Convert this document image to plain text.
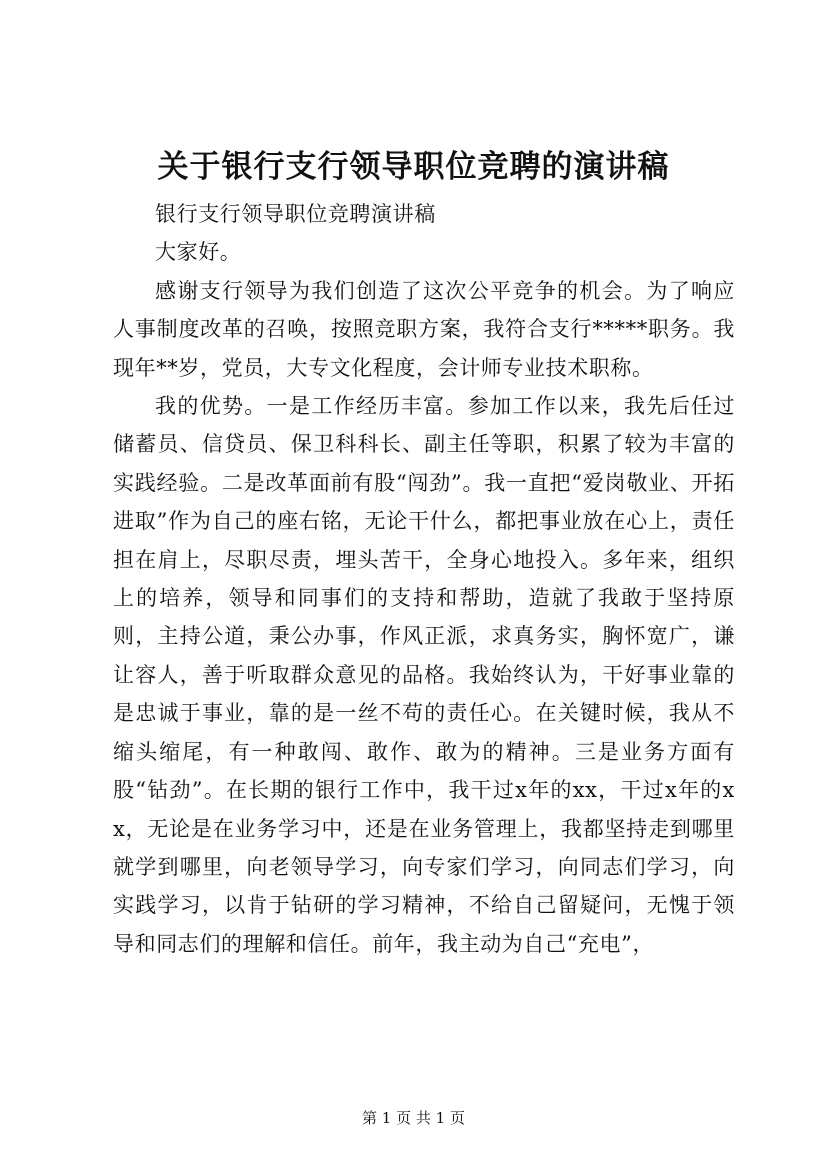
关于银行支行领导职位竞聘的演讲稿

银行支行领导职位竞聘演讲稿

大家好。

感谢支行领导为我们创造了这次公平竞争的机会。为了响应人事制度改革的召唤，按照竞职方案，我符合支行*****职务。我现年**岁，党员，大专文化程度，会计师专业技术职称。

我的优势。一是工作经历丰富。参加工作以来，我先后任过储蓄员、信贷员、保卫科科长、副主任等职，积累了较为丰富的实践经验。二是改革面前有股“闯劲”。我一直把“爱岗敬业、开拓进取”作为自己的座右铭，无论干什么，都把事业放在心上，责任担在肩上，尽职尽责，埋头苦干，全身心地投入。多年来，组织上的培养，领导和同事们的支持和帮助，造就了我敢于坚持原则，主持公道，秉公办事，作风正派，求真务实，胸怀宽广，谦让容人，善于听取群众意见的品格。我始终认为，干好事业靠的是忠诚于事业，靠的是一丝不苟的责任心。在关键时候，我从不缩头缩尾，有一种敢闯、敢作、敢为的精神。三是业务方面有股“钻劲”。在长期的银行工作中，我干过x年的xx，干过x年的xx，无论是在业务学习中，还是在业务管理上，我都坚持走到哪里就学到哪里，向老领导学习，向专家们学习，向同志们学习，向实践学习，以肯于钻研的学习精神，不给自己留疑问，无愧于领导和同志们的理解和信任。前年，我主动为自己“充电”，

第 1 页 共 1 页
